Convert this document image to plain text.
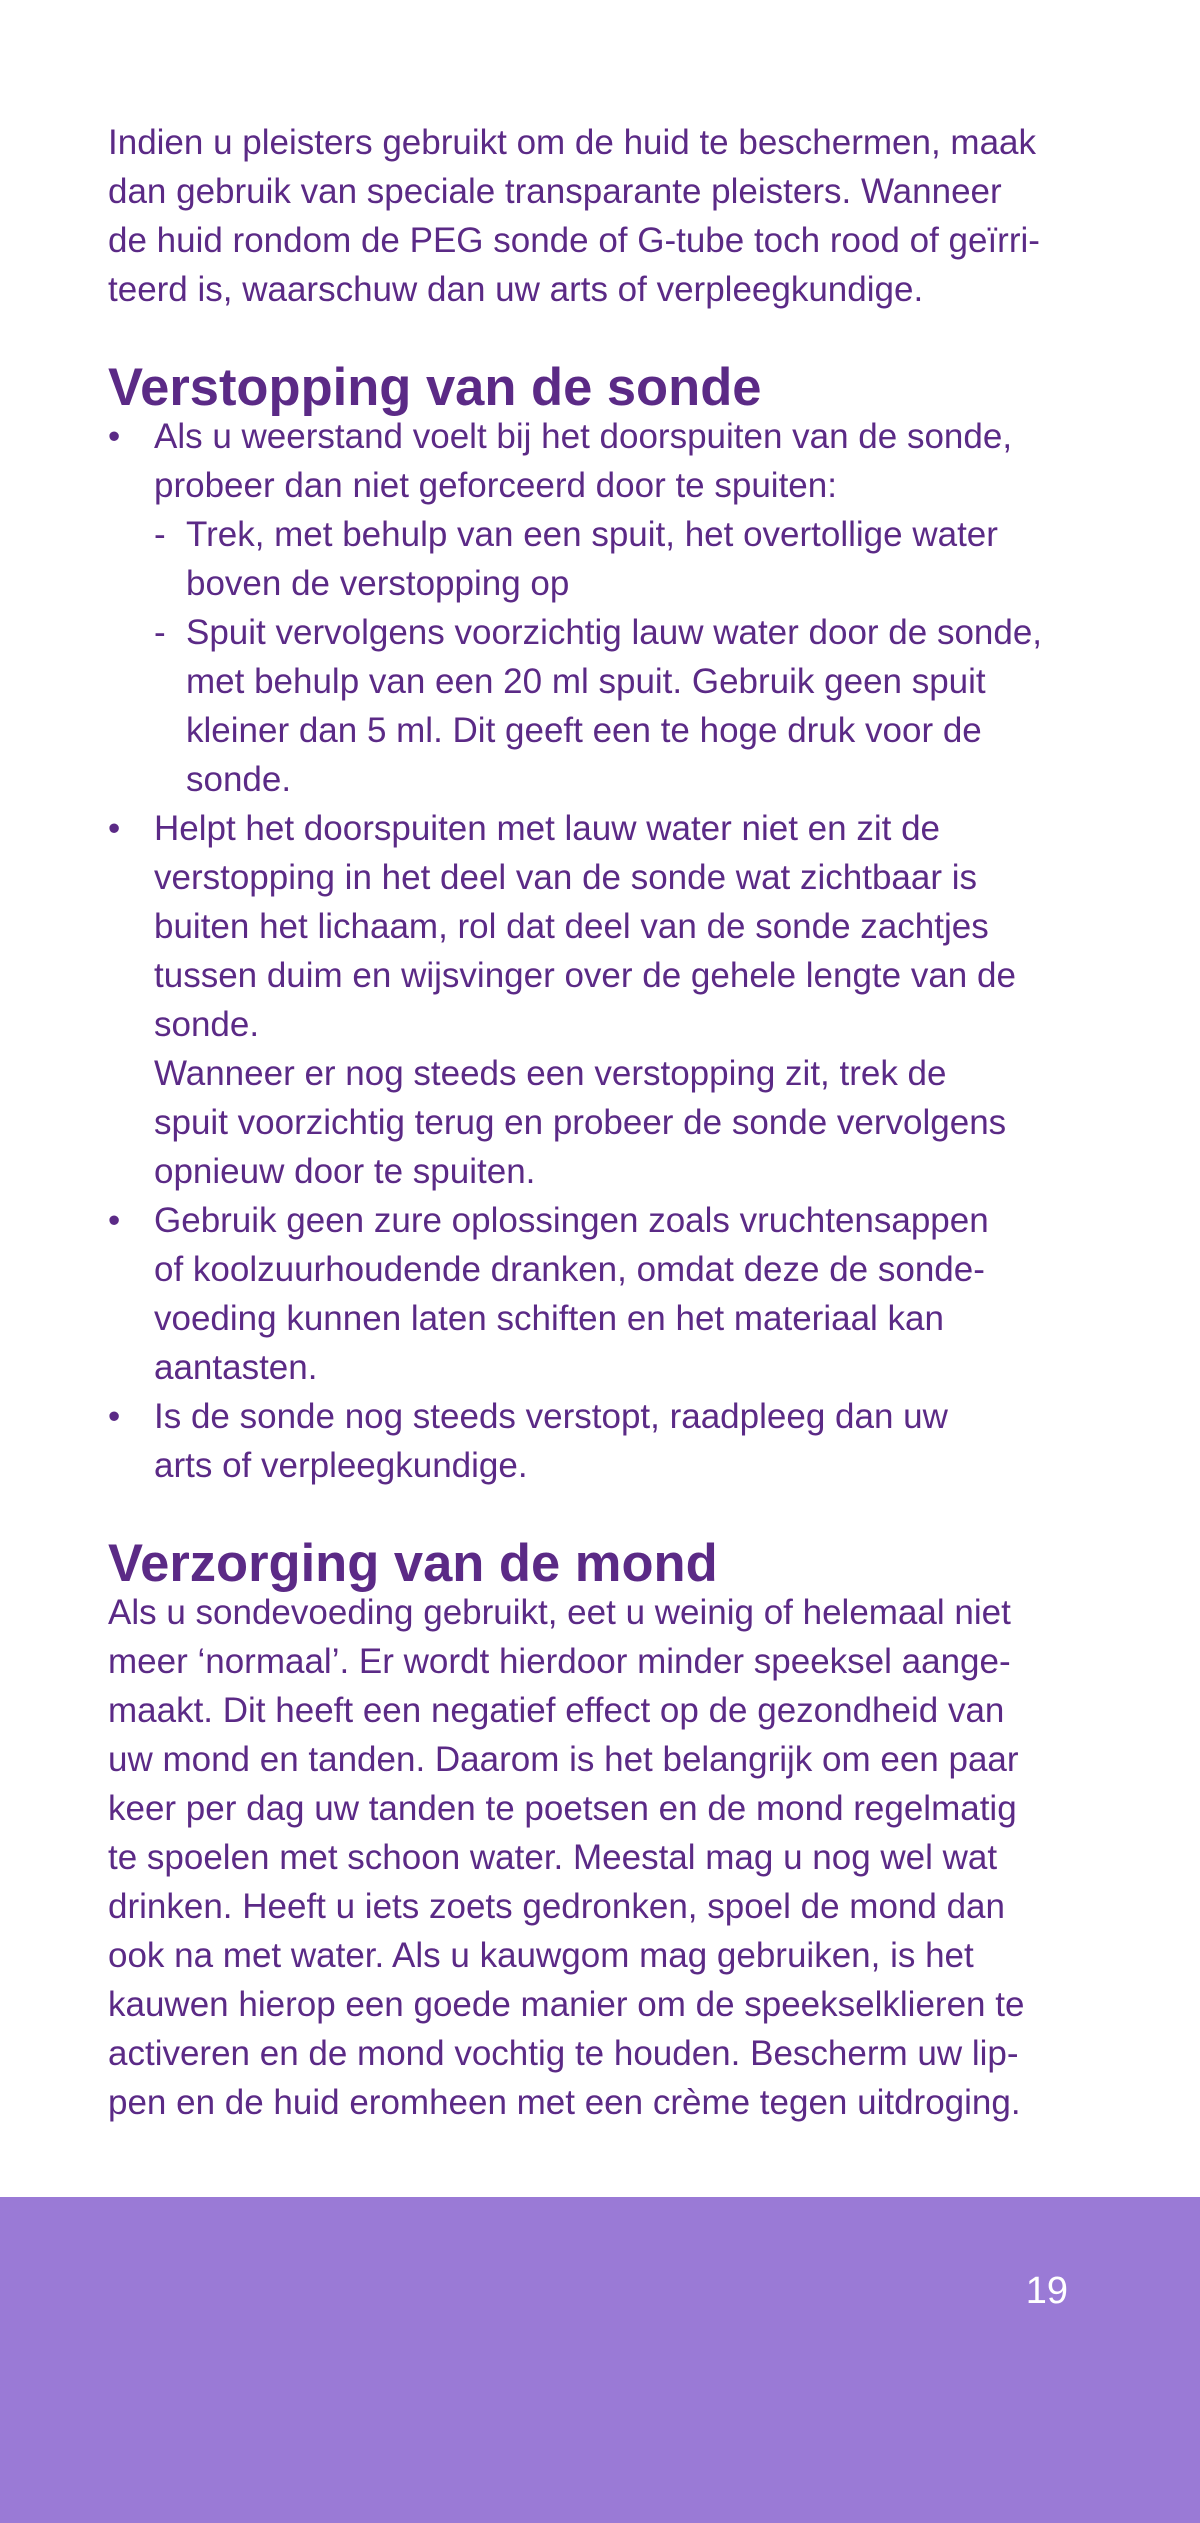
Indien u pleisters gebruikt om de huid te beschermen, maak
dan gebruik van speciale transparante pleisters. Wanneer
de huid rondom de PEG sonde of G-tube toch rood of geïrri-
teerd is, waarschuw dan uw arts of verpleegkundige.

Verstopping van de sonde
• Als u weerstand voelt bij het doorspuiten van de sonde,
probeer dan niet geforceerd door te spuiten:
- Trek, met behulp van een spuit, het overtollige water
boven de verstopping op
- Spuit vervolgens voorzichtig lauw water door de sonde,
met behulp van een 20 ml spuit. Gebruik geen spuit
kleiner dan 5 ml. Dit geeft een te hoge druk voor de
sonde.
• Helpt het doorspuiten met lauw water niet en zit de
verstopping in het deel van de sonde wat zichtbaar is
buiten het lichaam, rol dat deel van de sonde zachtjes
tussen duim en wijsvinger over de gehele lengte van de
sonde.
Wanneer er nog steeds een verstopping zit, trek de
spuit voorzichtig terug en probeer de sonde vervolgens
opnieuw door te spuiten.
• Gebruik geen zure oplossingen zoals vruchtensappen
of koolzuurhoudende dranken, omdat deze de sonde-
voeding kunnen laten schiften en het materiaal kan
aantasten.
• Is de sonde nog steeds verstopt, raadpleeg dan uw
arts of verpleegkundige.
Verzorging van de mond

Als u sondevoeding gebruikt, eet u weinig of helemaal niet
meer ‘normaal’. Er wordt hierdoor minder speeksel aange-
maakt. Dit heeft een negatief effect op de gezondheid van
uw mond en tanden. Daarom is het belangrijk om een paar
keer per dag uw tanden te poetsen en de mond regelmatig
te spoelen met schoon water. Meestal mag u nog wel wat
drinken. Heeft u iets zoets gedronken, spoel de mond dan
ook na met water. Als u kauwgom mag gebruiken, is het
kauwen hierop een goede manier om de speekselklieren te
activeren en de mond vochtig te houden. Bescherm uw lip-
pen en de huid eromheen met een crème tegen uitdroging.

19
